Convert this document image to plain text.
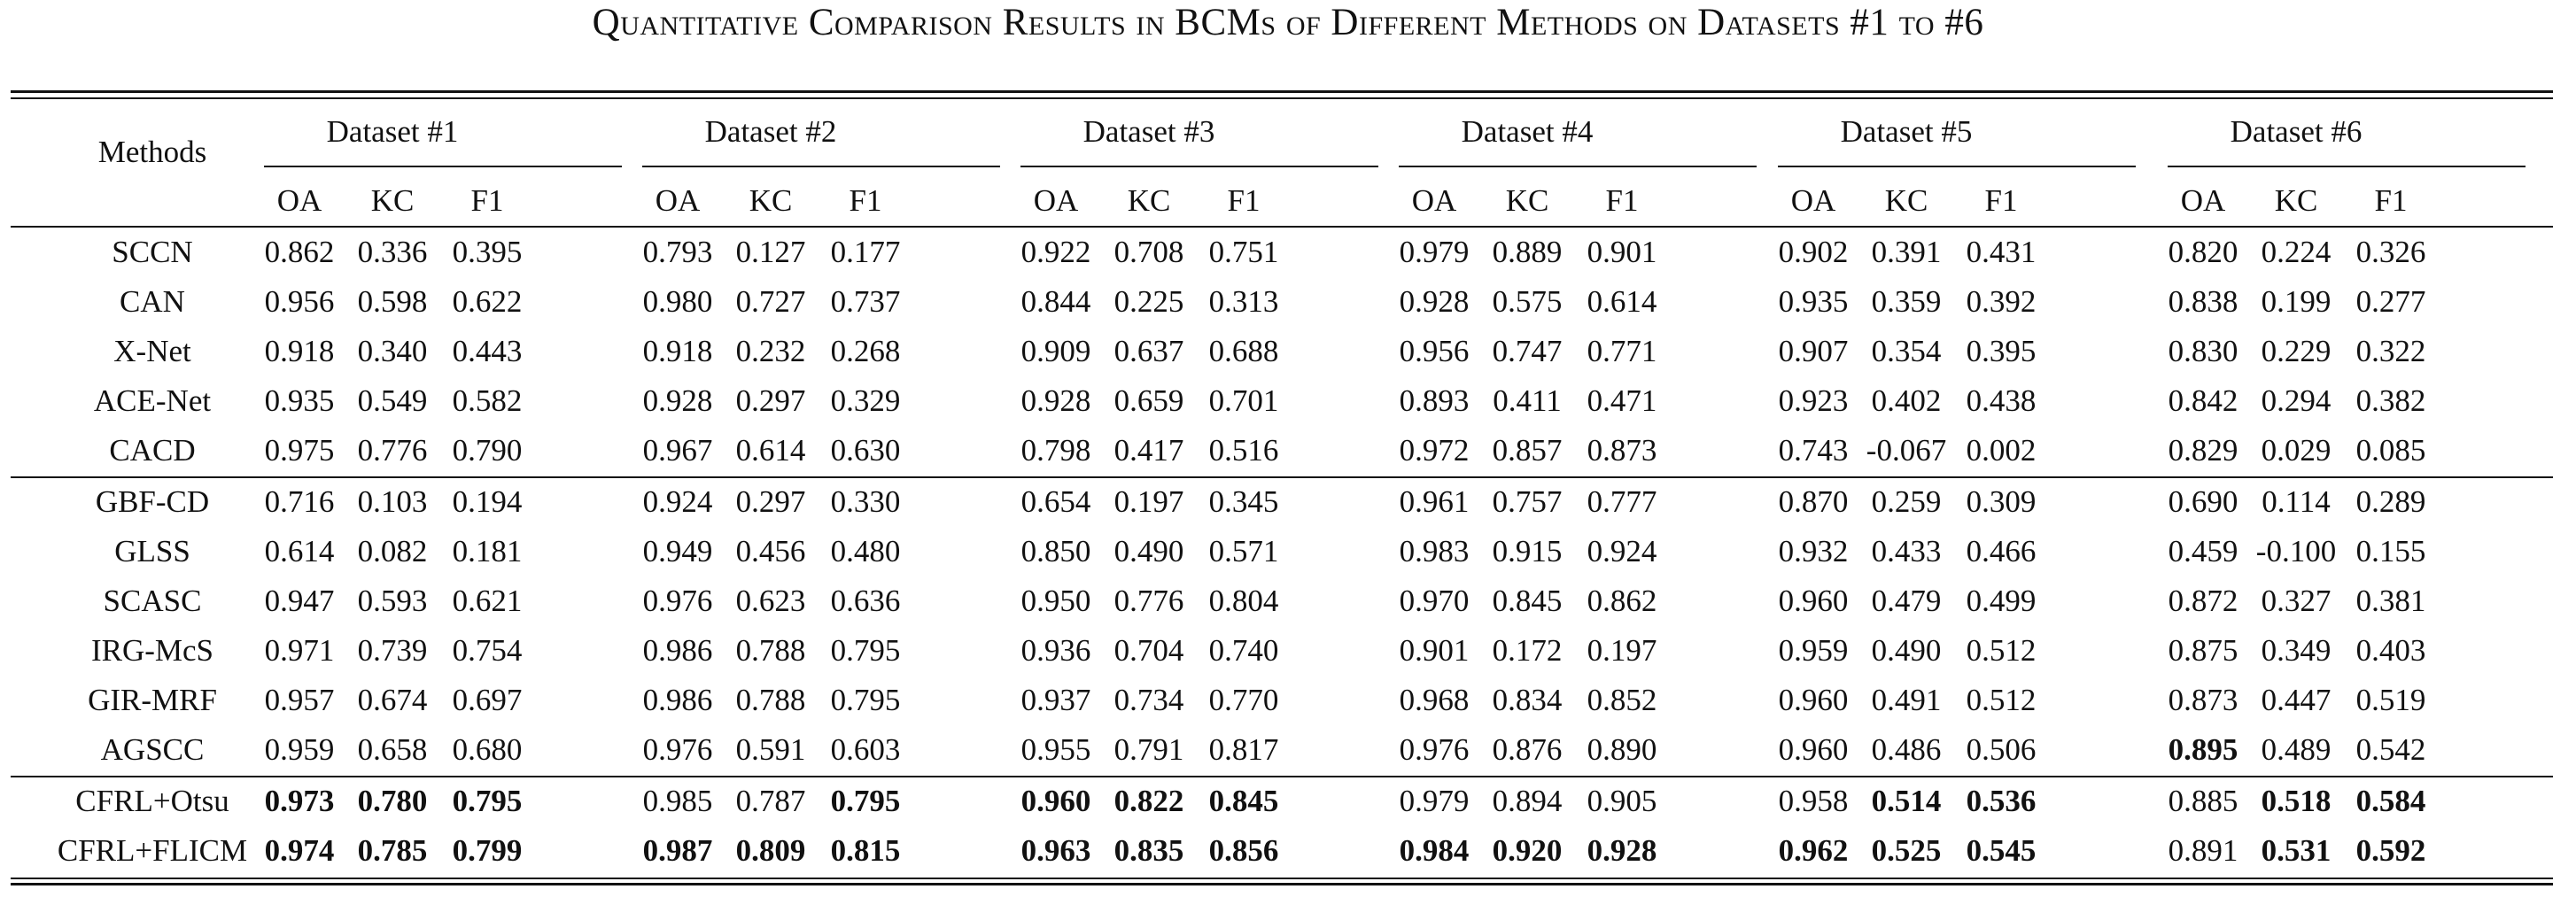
Quantitative Comparison Results in BCMs of Different Methods on Datasets #1 to #6
Methods
Dataset #1	Dataset #2	Dataset #3	Dataset #4	Dataset #5	Dataset #6
OA	KC	F1	OA	KC	F1	OA	KC	F1	OA	KC	F1	OA	KC	F1	OA	KC	F1
SCCN	0.862 0.336 0.395	0.793 0.127 0.177	0.922 0.708 0.751	0.979 0.889 0.901	0.902 0.391 0.431	0.820 0.224 0.326
CAN	0.956 0.598 0.622	0.980 0.727 0.737	0.844 0.225 0.313	0.928 0.575 0.614	0.935 0.359 0.392	0.838 0.199 0.277
X-Net	0.918 0.340 0.443	0.918 0.232 0.268	0.909 0.637 0.688	0.956 0.747 0.771	0.907 0.354 0.395	0.830 0.229 0.322
ACE-Net	0.935 0.549 0.582	0.928 0.297 0.329	0.928 0.659 0.701	0.893 0.411 0.471	0.923 0.402 0.438	0.842 0.294 0.382
CACD	0.975 0.776 0.790	0.967 0.614 0.630	0.798 0.417 0.516	0.972 0.857 0.873	0.743 -0.067 0.002	0.829 0.029 0.085
GBF-CD	0.716 0.103 0.194	0.924 0.297 0.330	0.654 0.197 0.345	0.961 0.757 0.777	0.870 0.259 0.309	0.690 0.114 0.289
GLSS	0.614 0.082 0.181	0.949 0.456 0.480	0.850 0.490 0.571	0.983 0.915 0.924	0.932 0.433 0.466	0.459 -0.100 0.155
SCASC	0.947 0.593 0.621	0.976 0.623 0.636	0.950 0.776 0.804	0.970 0.845 0.862	0.960 0.479 0.499	0.872 0.327 0.381
IRG-McS	0.971 0.739 0.754	0.986 0.788 0.795	0.936 0.704 0.740	0.901 0.172 0.197	0.959 0.490 0.512	0.875 0.349 0.403
GIR-MRF	0.957 0.674 0.697	0.986 0.788 0.795	0.937 0.734 0.770	0.968 0.834 0.852	0.960 0.491 0.512	0.873 0.447 0.519
AGSCC	0.959 0.658 0.680	0.976 0.591 0.603	0.955 0.791 0.817	0.976 0.876 0.890	0.960 0.486 0.506	0.895 0.489 0.542
CFRL+Otsu	0.973 0.780 0.795	0.985 0.787 0.795	0.960 0.822 0.845	0.979 0.894 0.905	0.958 0.514 0.536	0.885 0.518 0.584
CFRL+FLICM 0.974 0.785 0.799	0.987 0.809 0.815	0.963 0.835 0.856	0.984 0.920 0.928	0.962 0.525 0.545	0.891 0.531 0.592
